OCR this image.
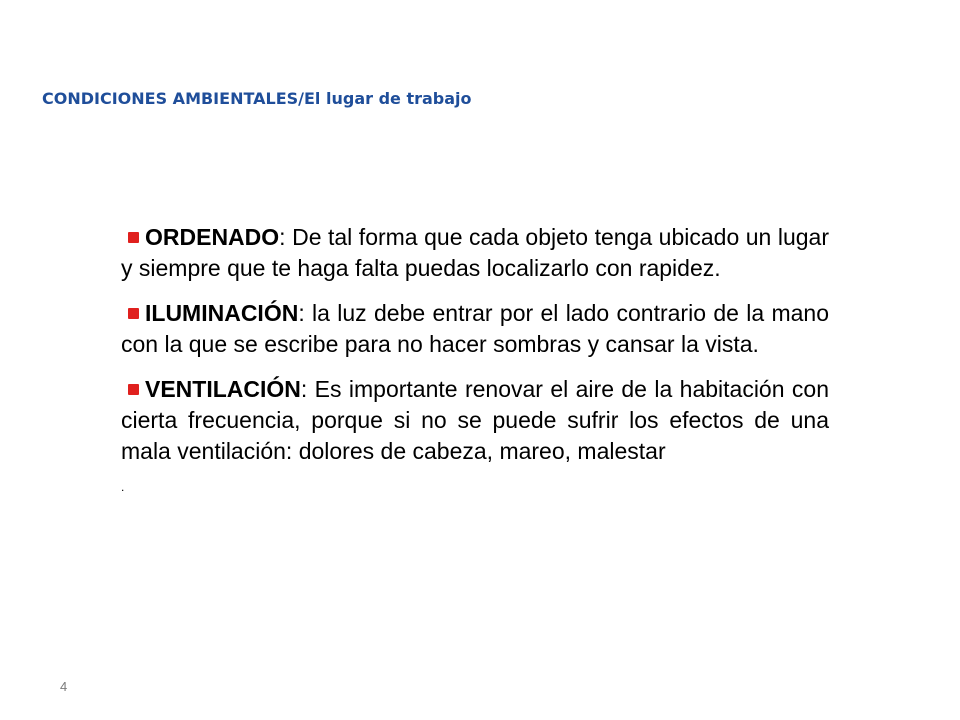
CONDICIONES AMBIENTALES/El lugar de trabajo

ORDENADO: De tal forma que cada objeto tenga ubicado un lugar y siempre que te haga falta puedas localizarlo con rapidez.

ILUMINACIÓN: la luz debe entrar por el lado contrario de la mano con la que se escribe para no hacer sombras y cansar la vista.

VENTILACIÓN: Es importante renovar el aire de la habitación con cierta frecuencia, porque si no se puede sufrir los efectos de una mala ventilación: dolores de cabeza, mareo, malestar

.
4
